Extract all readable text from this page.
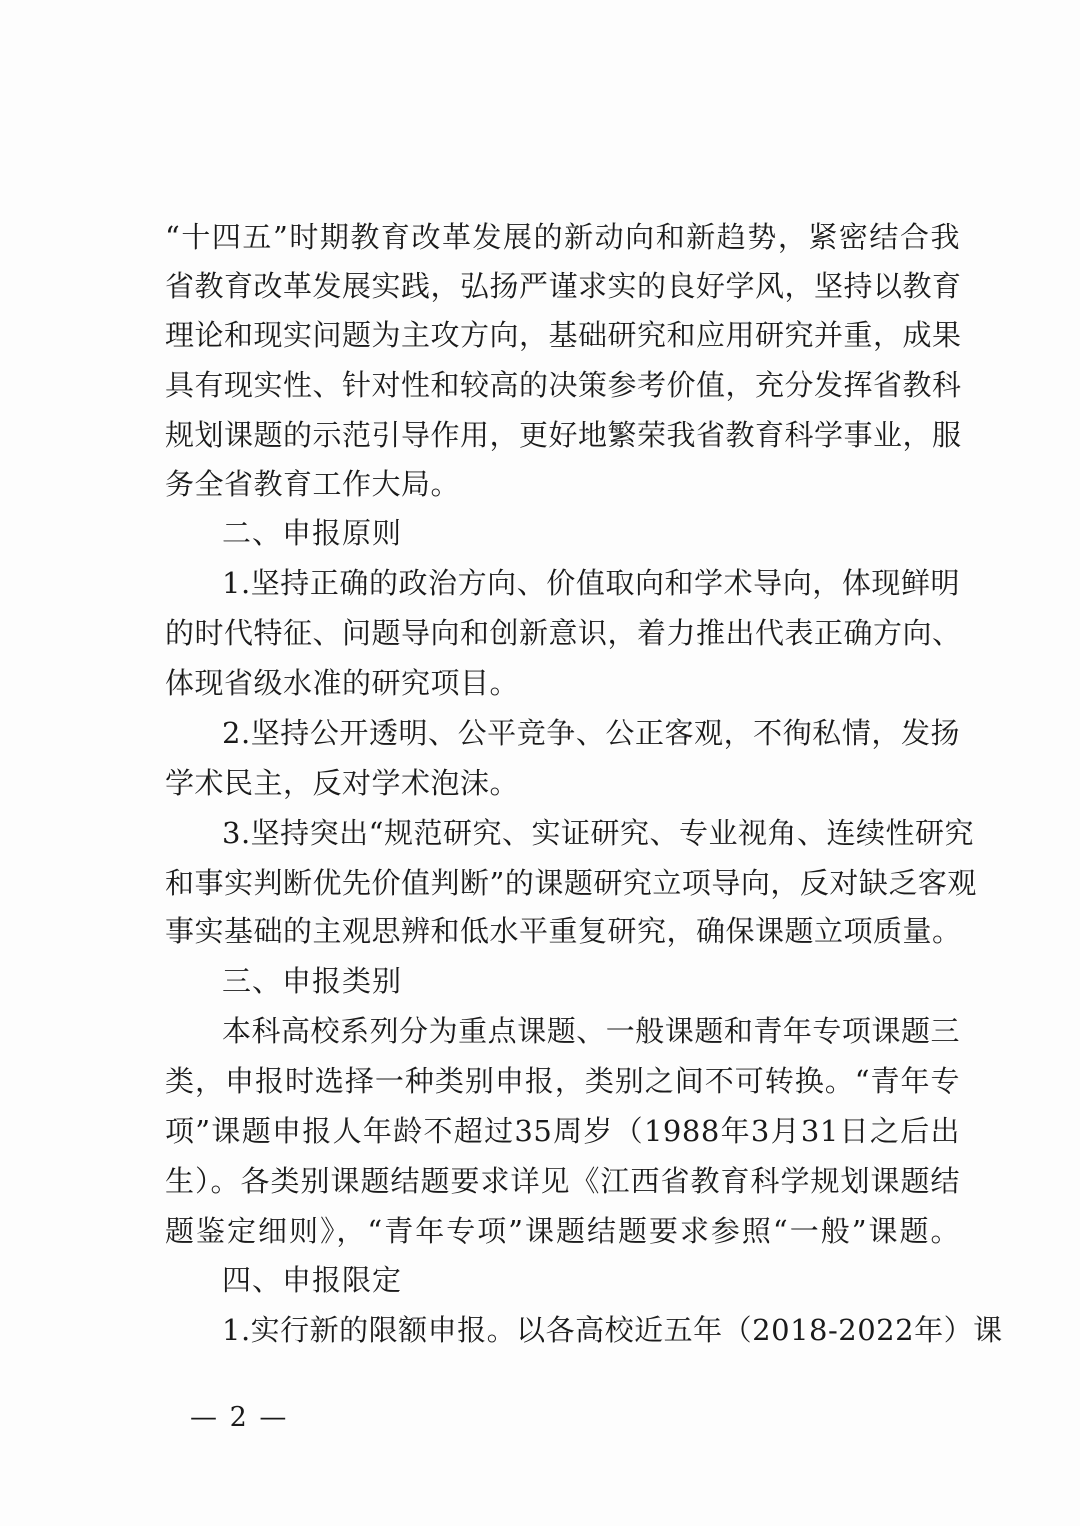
“十四五”时期教育改革发展的新动向和新趋势，紧密结合我
省教育改革发展实践，弘扬严谨求实的良好学风，坚持以教育
理论和现实问题为主攻方向，基础研究和应用研究并重，成果
具有现实性、针对性和较高的决策参考价值，充分发挥省教科
规划课题的示范引导作用，更好地繁荣我省教育科学事业，服
务全省教育工作大局。
二、申报原则
1.坚持正确的政治方向、价值取向和学术导向，体现鲜明
的时代特征、问题导向和创新意识，着力推出代表正确方向、
体现省级水准的研究项目。
2.坚持公开透明、公平竞争、公正客观，不徇私情，发扬
学术民主，反对学术泡沫。
3.坚持突出“规范研究、实证研究、专业视角、连续性研究
和事实判断优先价值判断”的课题研究立项导向，反对缺乏客观
事实基础的主观思辨和低水平重复研究，确保课题立项质量。
三、申报类别
本科高校系列分为重点课题、一般课题和青年专项课题三
类，申报时选择一种类别申报，类别之间不可转换。“青年专
项”课题申报人年龄不超过35周岁（1988年3月31日之后出
生）。各类别课题结题要求详见《江西省教育科学规划课题结
题鉴定细则》，“青年专项”课题结题要求参照“一般”课题。
四、申报限定
1.实行新的限额申报。以各高校近五年（2018-2022年）课
— 2 —
